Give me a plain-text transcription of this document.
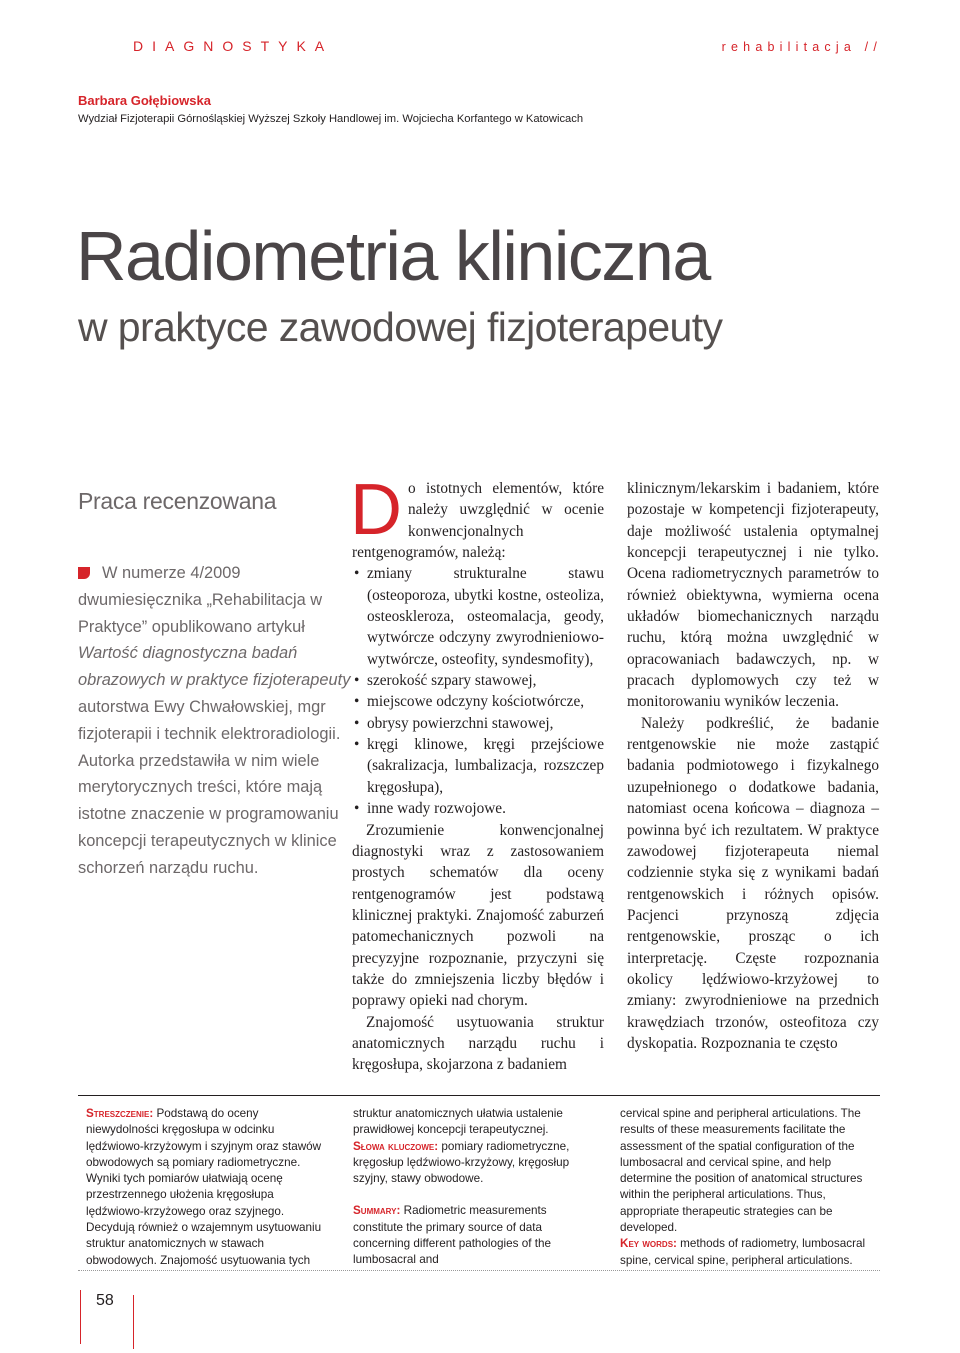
DIAGNOSTYKA	rehabilitacja //
Barbara Gołębiowska
Wydział Fizjoterapii Górnośląskiej Wyższej Szkoły Handlowej im. Wojciecha Korfantego w Katowicach
Radiometria kliniczna
w praktyce zawodowej fizjoterapeuty
Praca recenzowana
W numerze 4/2009 dwumiesięcznika „Rehabilitacja w Praktyce” opublikowano artykuł Wartość diagnostyczna badań obrazowych w praktyce fizjoterapeuty autorstwa Ewy Chwałowskiej, mgr fizjoterapii i technik elektroradiologii. Autorka przedstawiła w nim wiele merytorycznych treści, które mają istotne znaczenie w programowaniu koncepcji terapeutycznych w klinice schorzeń narządu ruchu.

Do istotnych elementów, które należy uwzględnić w ocenie konwencjonalnych rentgenogramów, należą:

• zmiany strukturalne stawu (osteoporoza, ubytki kostne, osteoliza, osteoskleroza, osteomalacja, geody, wytwórcze odczyny zwyrodnieniowo-wytwórcze, osteofity, syndesmofity),
• szerokość szpary stawowej,
• miejscowe odczyny kościotwórcze,
• obrysy powierzchni stawowej,
• kręgi klinowe, kręgi przejściowe (sakralizacja, lumbalizacja, rozszczep kręgosłupa),
• inne wady rozwojowe.

Zrozumienie konwencjonalnej diagnostyki wraz z zastosowaniem prostych schematów dla oceny rentgenogramów jest podstawą klinicznej praktyki. Znajomość zaburzeń patomechanicznych pozwoli na precyzyjne rozpoznanie, przyczyni się także do zmniejszenia liczby błędów i poprawy opieki nad chorym.

Znajomość usytuowania struktur anatomicznych narządu ruchu i kręgosłupa, skojarzona z badaniem

klinicznym/lekarskim i badaniem, które pozostaje w kompetencji fizjoterapeuty, daje możliwość ustalenia optymalnej koncepcji terapeutycznej i nie tylko. Ocena radiometrycznych parametrów to również obiektywna, wymierna ocena układów biomechanicznych narządu ruchu, którą można uwzględnić w opracowaniach badawczych, np. w pracach dyplomowych czy też w monitorowaniu wyników leczenia.

Należy podkreślić, że badanie rentgenowskie nie może zastąpić badania podmiotowego i fizykalnego uzupełnionego o dodatkowe badania, natomiast ocena końcowa – diagnoza – powinna być ich rezultatem. W praktyce zawodowej fizjoterapeuta niemal codziennie styka się z wynikami badań rentgenowskich i różnych opisów. Pacjenci przynoszą zdjęcia rentgenowskie, prosząc o ich interpretację. Częste rozpoznania okolicy lędźwiowo-krzyżowej to zmiany: zwyrodnieniowe na przednich krawędziach trzonów, osteofitoza czy dyskopatia. Rozpoznania te często

Streszczenie: Podstawą do oceny niewydolności kręgosłupa w odcinku lędźwiowo-krzyżowym i szyjnym oraz stawów obwodowych są pomiary radiometryczne. Wyniki tych pomiarów ułatwiają ocenę przestrzennego ułożenia kręgosłupa lędźwiowo-krzyżowego oraz szyjnego. Decydują również o wzajemnym usytuowaniu struktur anatomicznych w stawach obwodowych. Znajomość usytuowania tych

struktur anatomicznych ułatwia ustalenie prawidłowej koncepcji terapeutycznej.

Słowa kluczowe: pomiary radiometryczne, kręgosłup lędźwiowo-krzyżowy, kręgosłup szyjny, stawy obwodowe.

Summary: Radiometric measurements constitute the primary source of data concerning different pathologies of the lumbosacral and

cervical spine and peripheral articulations. The results of these measurements facilitate the assessment of the spatial configuration of the lumbosacral and cervical spine, and help determine the position of anatomical structures within the peripheral articulations. Thus, appropriate therapeutic strategies can be developed.

Key words: methods of radiometry, lumbosacral spine, cervical spine, peripheral articulations.

58
